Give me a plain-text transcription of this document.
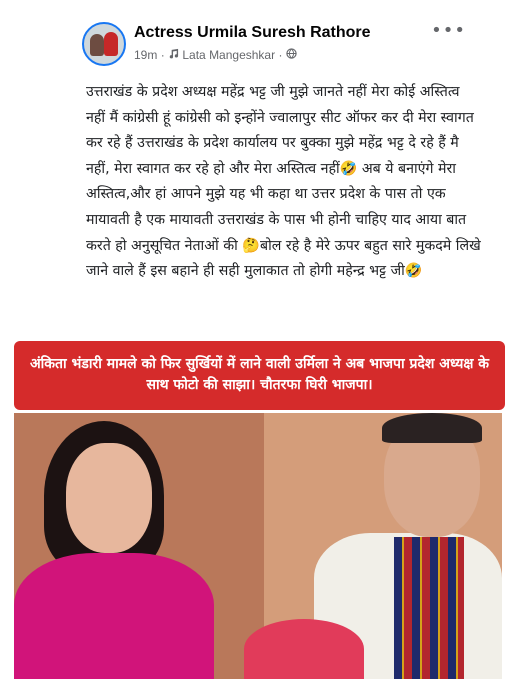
Actress Urmila Suresh Rathore	•••
19m · Lata Mangeshkar ·
उत्तराखंड के प्रदेश अध्यक्ष महेंद्र भट्ट जी मुझे जानते नहीं मेरा कोई अस्तित्व नहीं मैं कांग्रेसी हूं कांग्रेसी को इन्होंने ज्वालापुर सीट ऑफर कर दी मेरा स्वागत कर रहे हैं उत्तराखंड के प्रदेश कार्यालय पर बुक्का मुझे महेंद्र भट्ट दे रहे हैं मै नहीं, मेरा स्वागत कर रहे हो और मेरा अस्तित्व नहीं🤣 अब ये बनाएंगे मेरा अस्तित्व,और हां आपने मुझे यह भी कहा था उत्तर प्रदेश के पास तो एक मायावती है एक मायावती उत्तराखंड के पास भी होनी चाहिए याद आया बात करते हो अनुसूचित नेताओं की 🤔बोल रहे है मेरे ऊपर बहुत सारे मुकदमे लिखे जाने वाले हैं इस बहाने ही सही मुलाकात तो होगी महेन्द्र भट्ट जी🤣
अंकिता भंडारी मामले को फिर सुर्खियों में लाने वाली उर्मिला ने अब भाजपा प्रदेश अध्यक्ष के साथ फोटो की साझा। चौतरफा घिरी भाजपा।
